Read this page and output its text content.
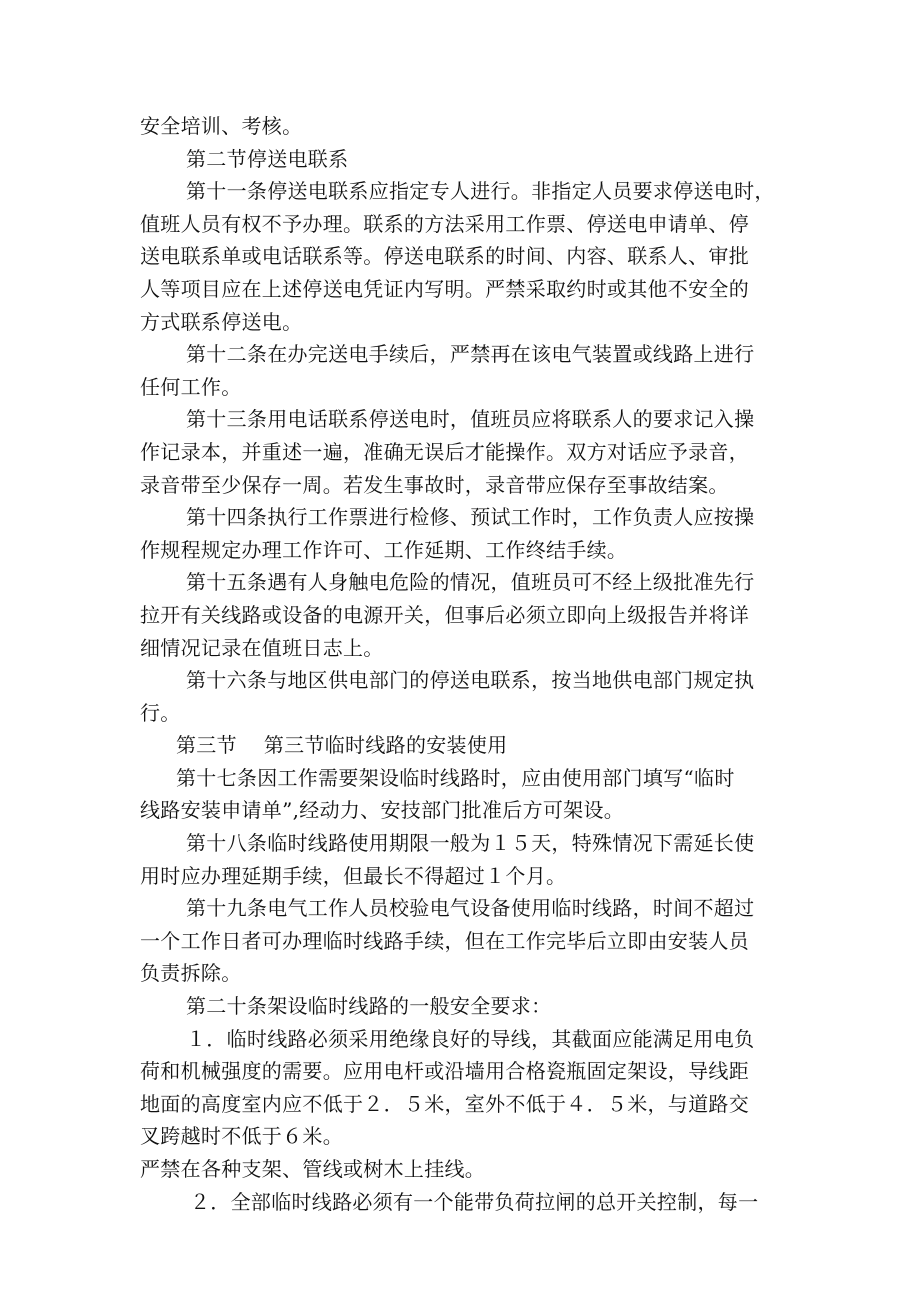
安全培训、考核。
第二节停送电联系
第十一条停送电联系应指定专人进行。非指定人员要求停送电时，
值班人员有权不予办理。联系的方法采用工作票、停送电申请单、停
送电联系单或电话联系等。停送电联系的时间、内容、联系人、审批
人等项目应在上述停送电凭证内写明。严禁采取约时或其他不安全的
方式联系停送电。
第十二条在办完送电手续后，严禁再在该电气装置或线路上进行
任何工作。
第十三条用电话联系停送电时，值班员应将联系人的要求记入操
作记录本，并重述一遍，准确无误后才能操作。双方对话应予录音，
录音带至少保存一周。若发生事故时，录音带应保存至事故结案。
第十四条执行工作票进行检修、预试工作时，工作负责人应按操
作规程规定办理工作许可、工作延期、工作终结手续。
第十五条遇有人身触电危险的情况，值班员可不经上级批准先行
拉开有关线路或设备的电源开关，但事后必须立即向上级报告并将详
细情况记录在值班日志上。
第十六条与地区供电部门的停送电联系，按当地供电部门规定执
行。
第三节　 第三节临时线路的安装使用
第十七条因工作需要架设临时线路时，应由使用部门填写“临时
线路安装申请单”,经动力、安技部门批准后方可架设。
第十八条临时线路使用期限一般为１５天，特殊情况下需延长使
用时应办理延期手续，但最长不得超过１个月。
第十九条电气工作人员校验电气设备使用临时线路，时间不超过
一个工作日者可办理临时线路手续，但在工作完毕后立即由安装人员
负责拆除。
第二十条架设临时线路的一般安全要求：
１．临时线路必须采用绝缘良好的导线，其截面应能满足用电负
荷和机械强度的需要。应用电杆或沿墙用合格瓷瓶固定架设，导线距
地面的高度室内应不低于２．５米，室外不低于４．５米，与道路交
叉跨越时不低于６米。
严禁在各种支架、管线或树木上挂线。
２．全部临时线路必须有一个能带负荷拉闸的总开关控制，每一
